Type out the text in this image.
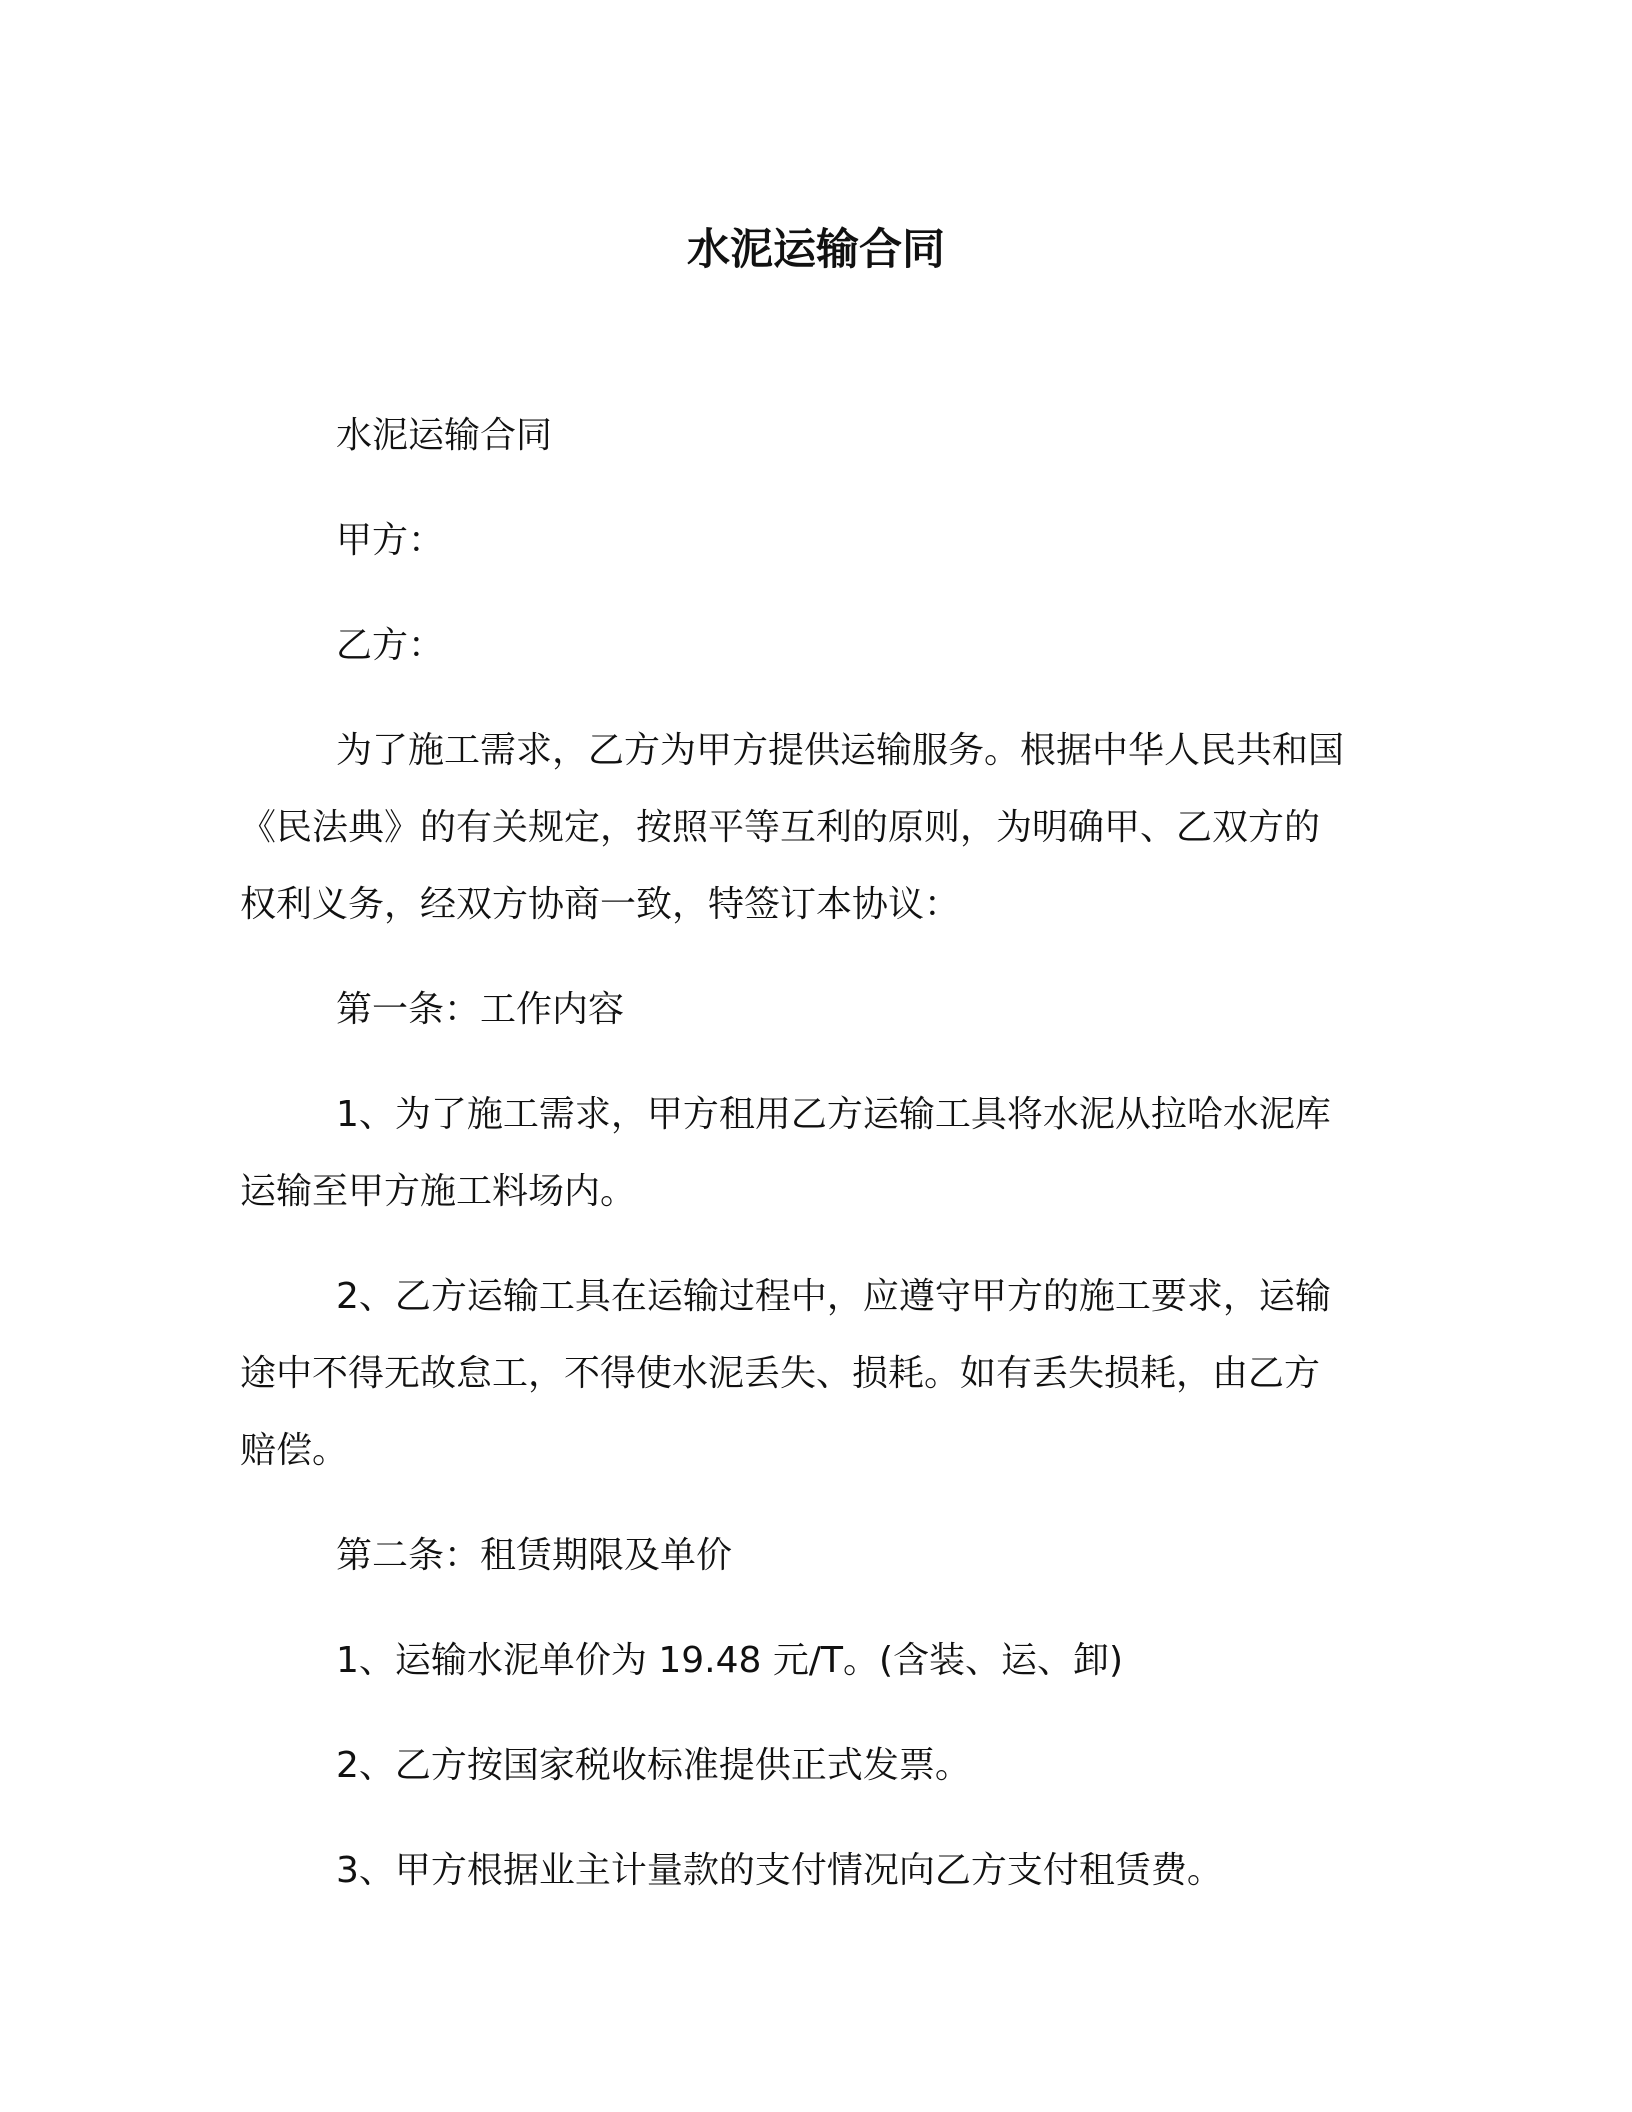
水泥运输合同

水泥运输合同

甲方：

乙方：

为了施工需求，乙方为甲方提供运输服务。根据中华人民共和国
《民法典》的有关规定，按照平等互利的原则，为明确甲、乙双方的
权利义务，经双方协商一致，特签订本协议：

第一条：工作内容

1、为了施工需求，甲方租用乙方运输工具将水泥从拉哈水泥库
运输至甲方施工料场内。

2、乙方运输工具在运输过程中，应遵守甲方的施工要求，运输
途中不得无故怠工，不得使水泥丢失、损耗。如有丢失损耗，由乙方
赔偿。

第二条：租赁期限及单价

1、运输水泥单价为 19.48 元/T。(含装、运、卸)

2、乙方按国家税收标准提供正式发票。

3、甲方根据业主计量款的支付情况向乙方支付租赁费。
